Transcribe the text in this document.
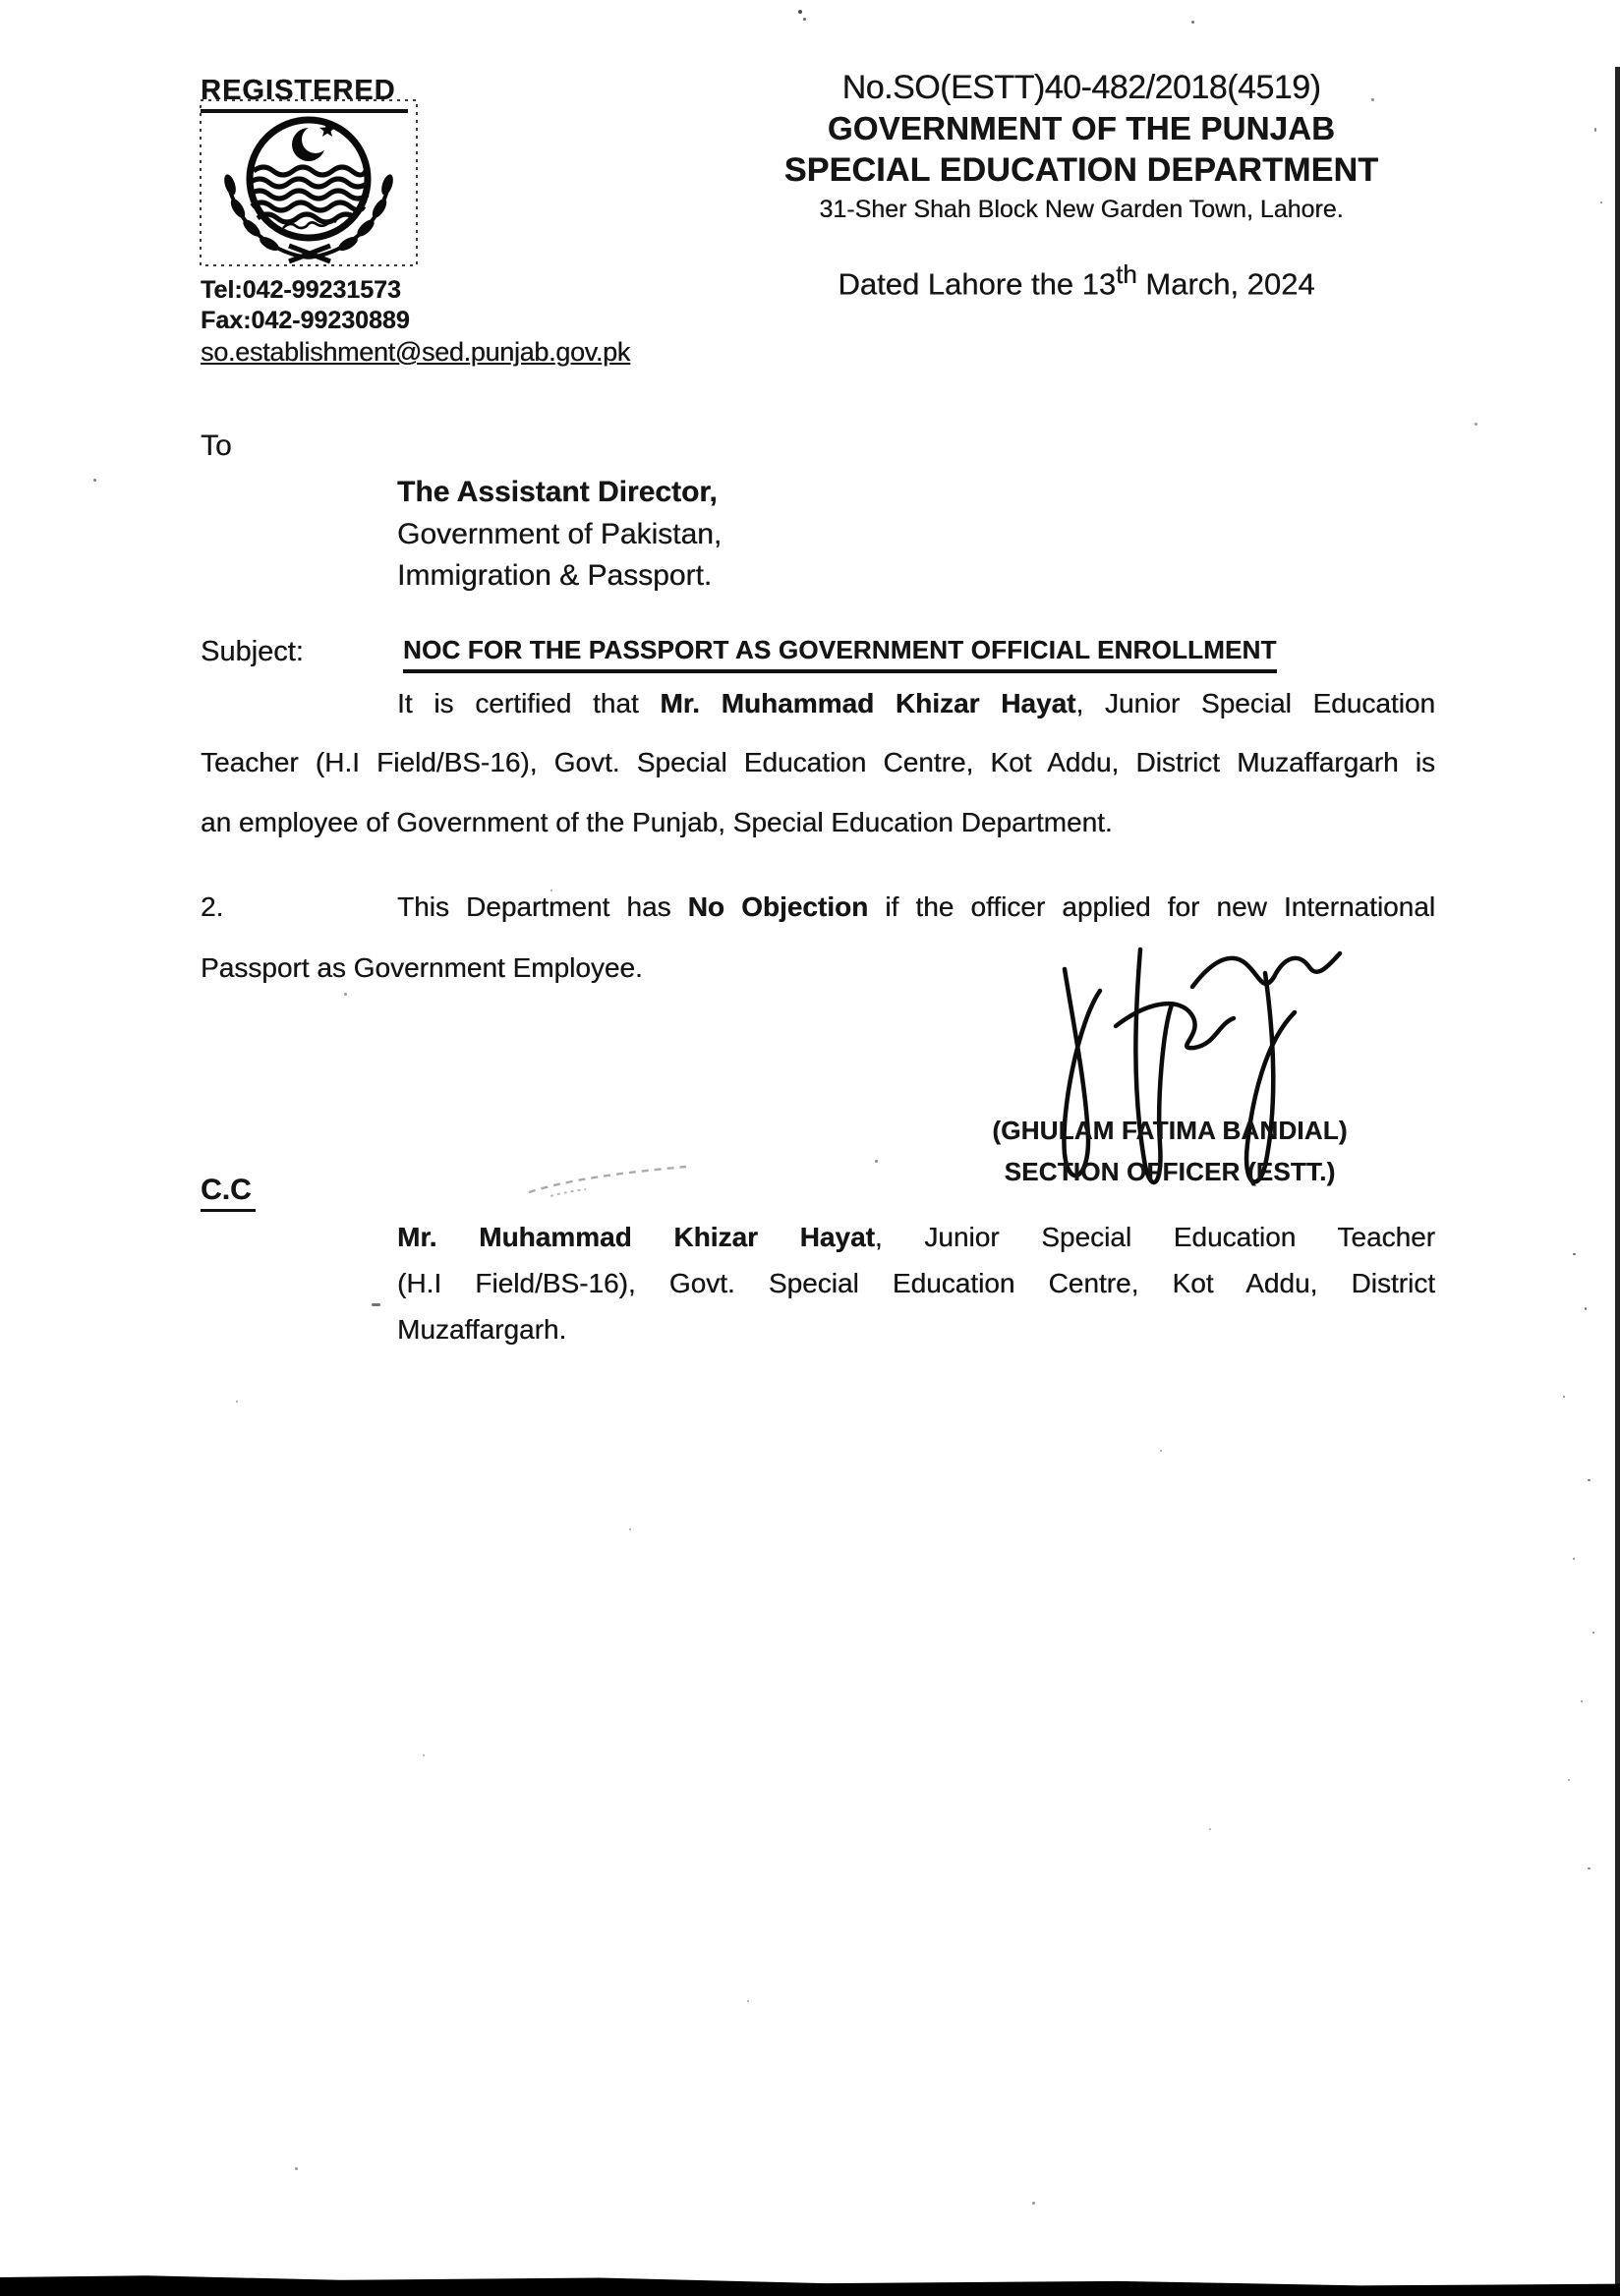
REGISTERED
Tel:042-99231573
Fax:042-99230889
so.establishment@sed.punjab.gov.pk
No.SO(ESTT)40-482/2018(4519)
GOVERNMENT OF THE PUNJAB
SPECIAL EDUCATION DEPARTMENT
31-Sher Shah Block New Garden Town, Lahore.
Dated Lahore the 13th March, 2024
To
The Assistant Director,
Government of Pakistan,
Immigration & Passport.
Subject:	NOC FOR THE PASSPORT AS GOVERNMENT OFFICIAL ENROLLMENT
It is certified that Mr. Muhammad Khizar Hayat, Junior Special Education
Teacher (H.I Field/BS-16), Govt. Special Education Centre, Kot Addu, District Muzaffargarh is
an employee of Government of the Punjab, Special Education Department.
2.	This Department has No Objection if the officer applied for new International
Passport as Government Employee.
(GHULAM FATIMA BANDIAL)
SECTION OFFICER (ESTT.)
C.C
Mr. Muhammad Khizar Hayat, Junior Special Education Teacher
(H.I Field/BS-16), Govt. Special Education Centre, Kot Addu, District
Muzaffargarh.
